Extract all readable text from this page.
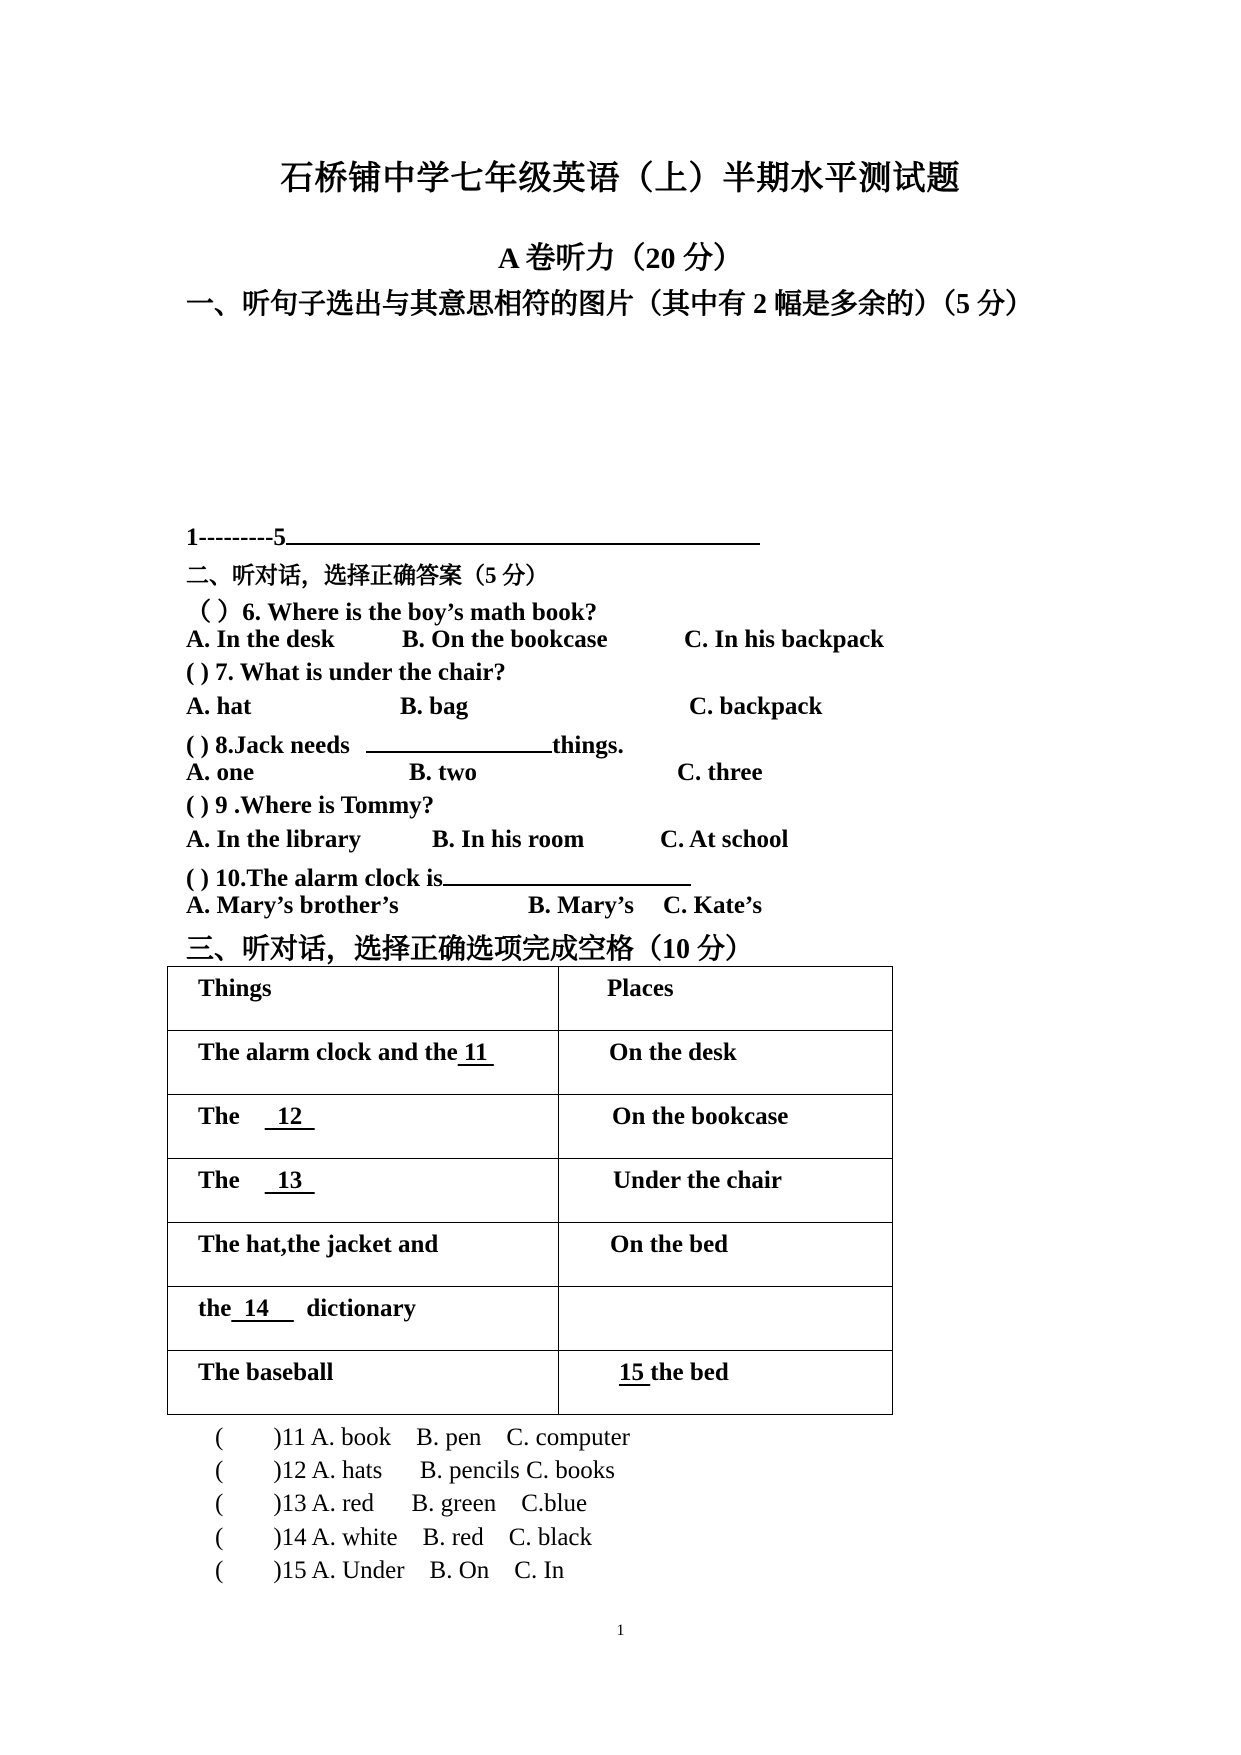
石桥铺中学七年级英语（上）半期水平测试题
A 卷听力（20 分）
一、听句子选出与其意思相符的图片（其中有 2 幅是多余的）（5 分）
1---------5
二、听对话，选择正确答案（5 分）
（ ）6. Where is the boy’s math book?
A. In the desk	B. On the bookcase	C. In his backpack
( ) 7. What is under the chair?
A. hat	B. bag	C. backpack
( ) 8.Jack needs	things.
A. one	B. two	C. three
( ) 9 .Where is Tommy?
A. In the library	B. In his room	C. At school
( ) 10.The alarm clock is
A. Mary’s brother’s	B. Mary’s C. Kate’s
三、听对话，选择正确选项完成空格（10 分）
Things	Places
The alarm clock and the 11	On the desk
The      12	On the bookcase
The      13	Under the chair
The hat,the jacket and	On the bed
the  14      dictionary	
The baseball	15 the bed
(        )11 A. book    B. pen    C. computer
(        )12 A. hats      B. pencils C. books
(        )13 A. red      B. green    C.blue
(        )14 A. white    B. red    C. black
(        )15 A. Under    B. On    C. In
1
